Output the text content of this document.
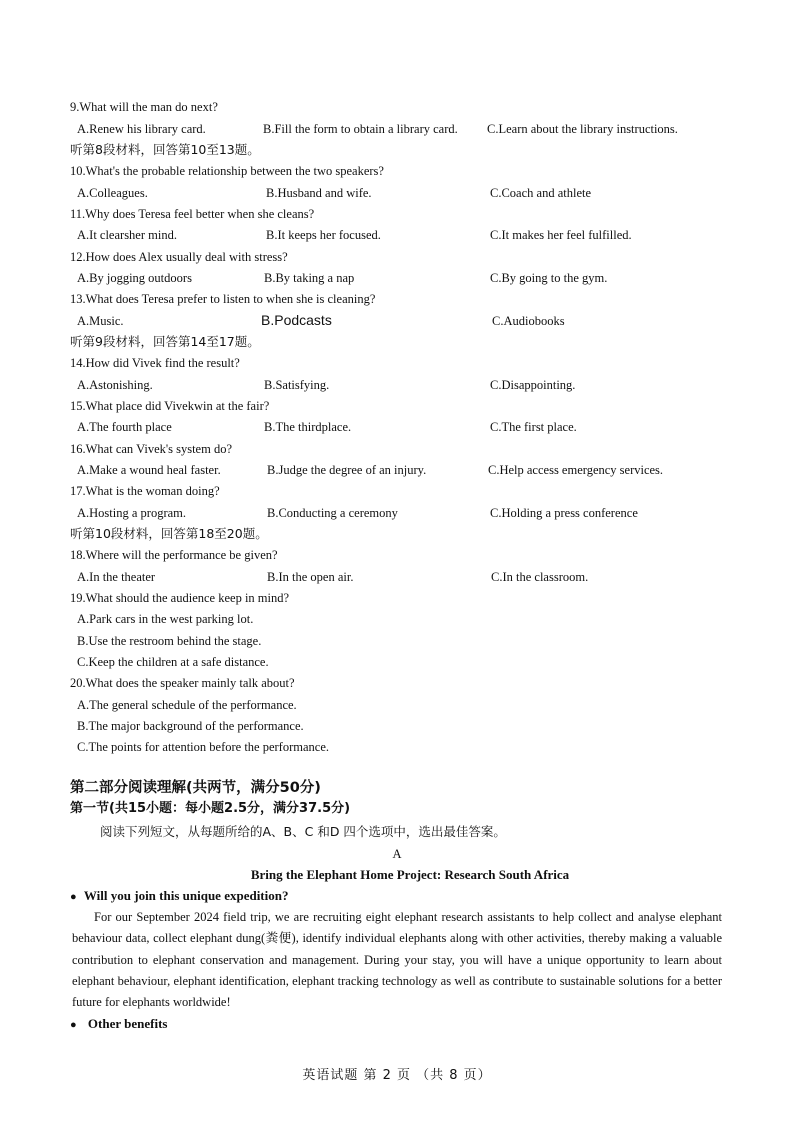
9.What will the man do next?
A.Renew his library card.	B.Fill the form to obtain a library card. C.Learn about the library instructions.
听第8段材料，回答第10至13题。
10.What's the probable relationship between the two speakers?
A.Colleagues.	B.Husband and wife.	C.Coach and athlete
11.Why does Teresa feel better when she cleans?
A.It clearsher mind.	B.It keeps her focused.	C.It makes her feel fulfilled.
12.How does Alex usually deal with stress?
A.By jogging outdoors	B.By taking a nap	C.By going to the gym.
13.What does Teresa prefer to listen to when she is cleaning?
A.Music.	B.Podcasts	C.Audiobooks
听第9段材料，回答第14至17题。
14.How did Vivek find the result?
A.Astonishing.	B.Satisfying.	C.Disappointing.
15.What place did Vivekwin at the fair?
A.The fourth place	B.The thirdplace.	C.The first place.
16.What can Vivek's system do?
A.Make a wound heal faster.	B.Judge the degree of an injury.	C.Help access emergency services.
17.What is the woman doing?
A.Hosting a program.	B.Conducting a ceremony	C.Holding a press conference
听第10段材料，回答第18至20题。
18.Where will the performance be given?
A.In the theater	B.In the open air.	C.In the classroom.
19.What should the audience keep in mind?
A.Park cars in the west parking lot.
B.Use the restroom behind the stage.
C.Keep the children at a safe distance.
20.What does the speaker mainly talk about?
A.The general schedule of the performance.
B.The major background of the performance.
C.The points for attention before the performance.
第二部分阅读理解(共两节，满分50分)
第一节(共15小题：每小题2.5分，满分37.5分)
阅读下列短文，从每题所给的A、B、C 和D 四个选项中，选出最佳答案。
A
Bring the Elephant Home Project: Research South Africa
● Will you join this unique expedition?
For our September 2024 field trip, we are recruiting eight elephant research assistants to help collect and analyse elephant behaviour data, collect elephant dung(粪便), identify individual elephants along with other activities, thereby making a valuable contribution to elephant conservation and management. During your stay, you will have a unique opportunity to learn about elephant behaviour, elephant identification, elephant tracking technology as well as contribute to sustainable solutions for a better future for elephants worldwide!
● Other benefits
英语试题 第 2 页 （共 8 页）
